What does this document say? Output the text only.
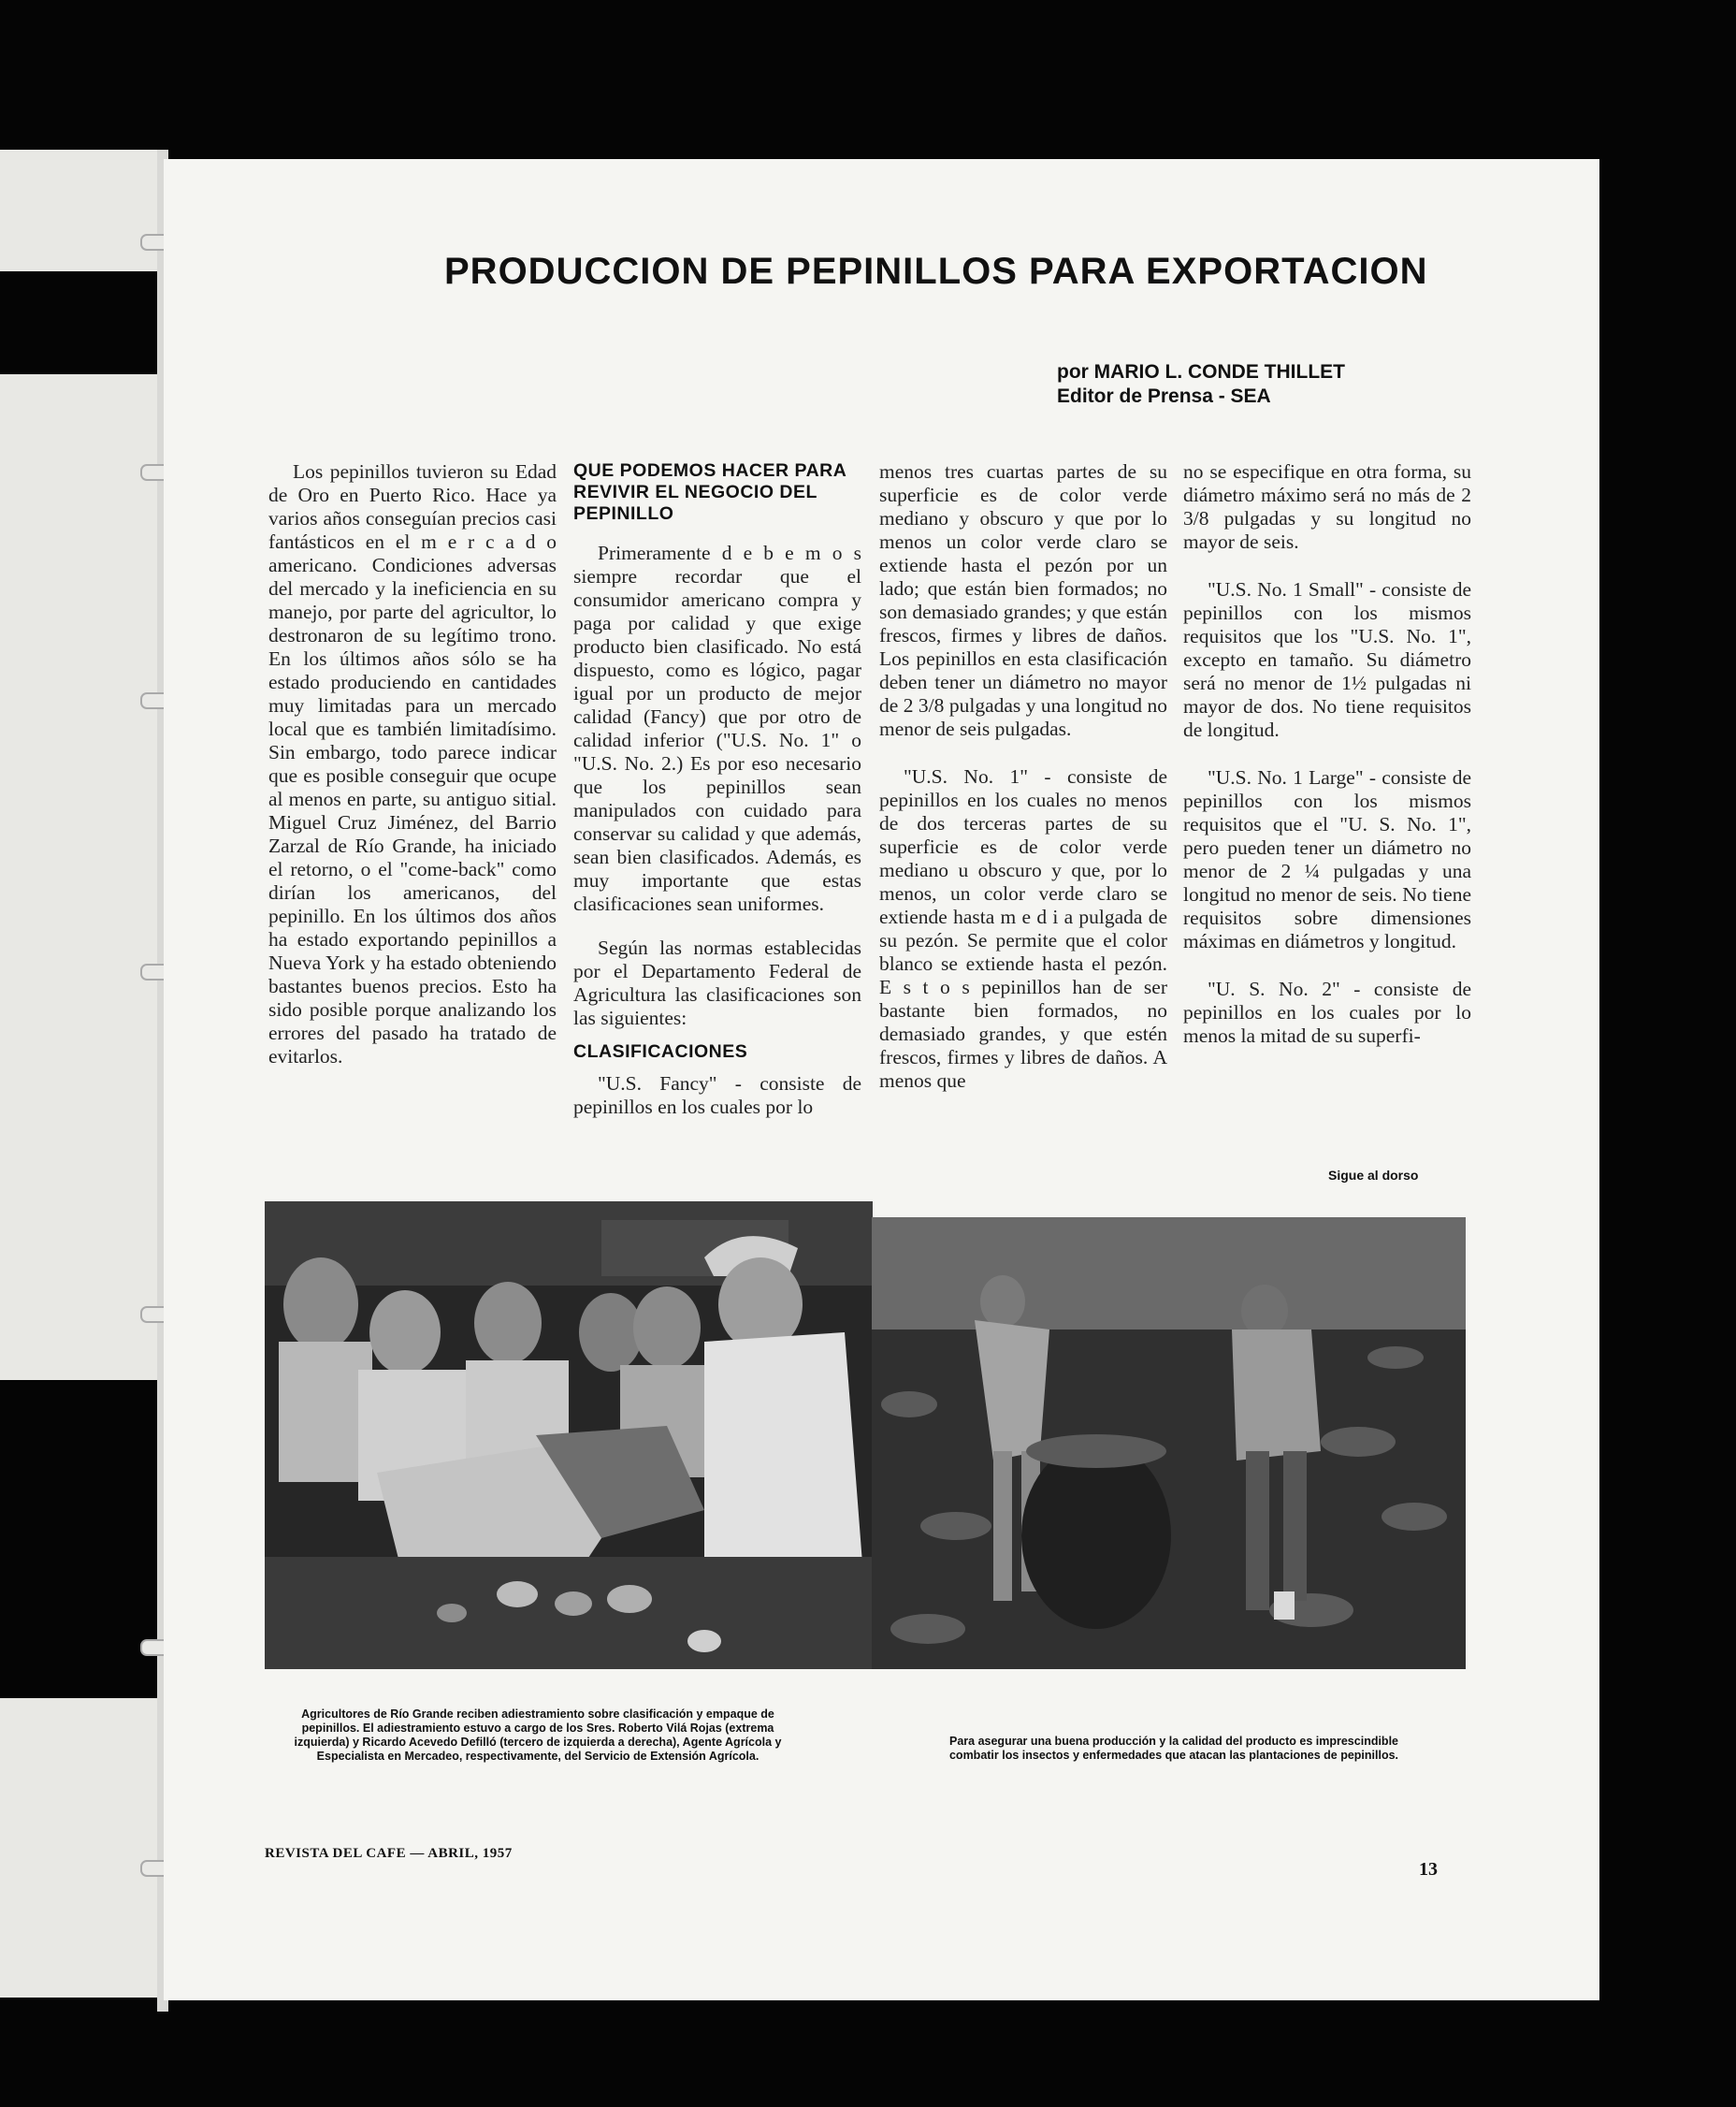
PRODUCCION DE PEPINILLOS PARA EXPORTACION
por MARIO L. CONDE THILLET
Editor de Prensa - SEA

Los pepinillos tuvieron su Edad de Oro en Puerto Rico. Hace ya varios años conseguían precios casi fantásticos en el m e r c a d o americano. Condiciones adversas del mercado y la ineficiencia en su manejo, por parte del agricultor, lo destronaron de su legítimo trono. En los últimos años sólo se ha estado produciendo en cantidades muy limitadas para un mercado local que es también limitadísimo. Sin embargo, todo parece indicar que es posible conseguir que ocupe al menos en parte, su antiguo sitial. Miguel Cruz Jiménez, del Barrio Zarzal de Río Grande, ha iniciado el retorno, o el "come-back" como dirían los americanos, del pepinillo. En los últimos dos años ha estado exportando pepinillos a Nueva York y ha estado obteniendo bastantes buenos precios. Esto ha sido posible porque analizando los errores del pasado ha tratado de evitarlos.

QUE PODEMOS HACER PARA REVIVIR EL NEGOCIO DEL PEPINILLO

Primeramente d e b e m o s siempre recordar que el consumidor americano compra y paga por calidad y que exige producto bien clasificado. No está dispuesto, como es lógico, pagar igual por un producto de mejor calidad (Fancy) que por otro de calidad inferior ("U.S. No. 1" o "U.S. No. 2.) Es por eso necesario que los pepinillos sean manipulados con cuidado para conservar su calidad y que además, sean bien clasificados. Además, es muy importante que estas clasificaciones sean uniformes.

Según las normas establecidas por el Departamento Federal de Agricultura las clasificaciones son las siguientes:

CLASIFICACIONES

"U.S. Fancy" - consiste de pepinillos en los cuales por lo

menos tres cuartas partes de su superficie es de color verde mediano y obscuro y que por lo menos un color verde claro se extiende hasta el pezón por un lado; que están bien formados; no son demasiado grandes; y que están frescos, firmes y libres de daños. Los pepinillos en esta clasificación deben tener un diámetro no mayor de 2 3/8 pulgadas y una longitud no menor de seis pulgadas.

"U.S. No. 1" - consiste de pepinillos en los cuales no menos de dos terceras partes de su superficie es de color verde mediano u obscuro y que, por lo menos, un color verde claro se extiende hasta m e d i a pulgada de su pezón. Se permite que el color blanco se extiende hasta el pezón. E s t o s pepinillos han de ser bastante bien formados, no demasiado grandes, y que estén frescos, firmes y libres de daños. A menos que

no se especifique en otra forma, su diámetro máximo será no más de 2 3/8 pulgadas y su longitud no mayor de seis.

"U.S. No. 1 Small" - consiste de pepinillos con los mismos requisitos que los "U.S. No. 1", excepto en tamaño. Su diámetro será no menor de 1½ pulgadas ni mayor de dos. No tiene requisitos de longitud.

"U.S. No. 1 Large" - consiste de pepinillos con los mismos requisitos que el "U. S. No. 1", pero pueden tener un diámetro no menor de 2 ¼ pulgadas y una longitud no menor de seis. No tiene requisitos sobre dimensiones máximas en diámetros y longitud.

"U. S. No. 2" - consiste de pepinillos en los cuales por lo menos la mitad de su superfi-

Sigue al dorso
Agricultores de Río Grande reciben adiestramiento sobre clasificación y empaque de pepinillos. El adiestramiento estuvo a cargo de los Sres. Roberto Vilá Rojas (extrema izquierda) y Ricardo Acevedo Defilló (tercero de izquierda a derecha), Agente Agrícola y Especialista en Mercadeo, respectivamente, del Servicio de Extensión Agrícola.
Para asegurar una buena producción y la calidad del producto es imprescindible combatir los insectos y enfermedades que atacan las plantaciones de pepinillos.
REVISTA DEL CAFE — ABRIL, 1957
13
